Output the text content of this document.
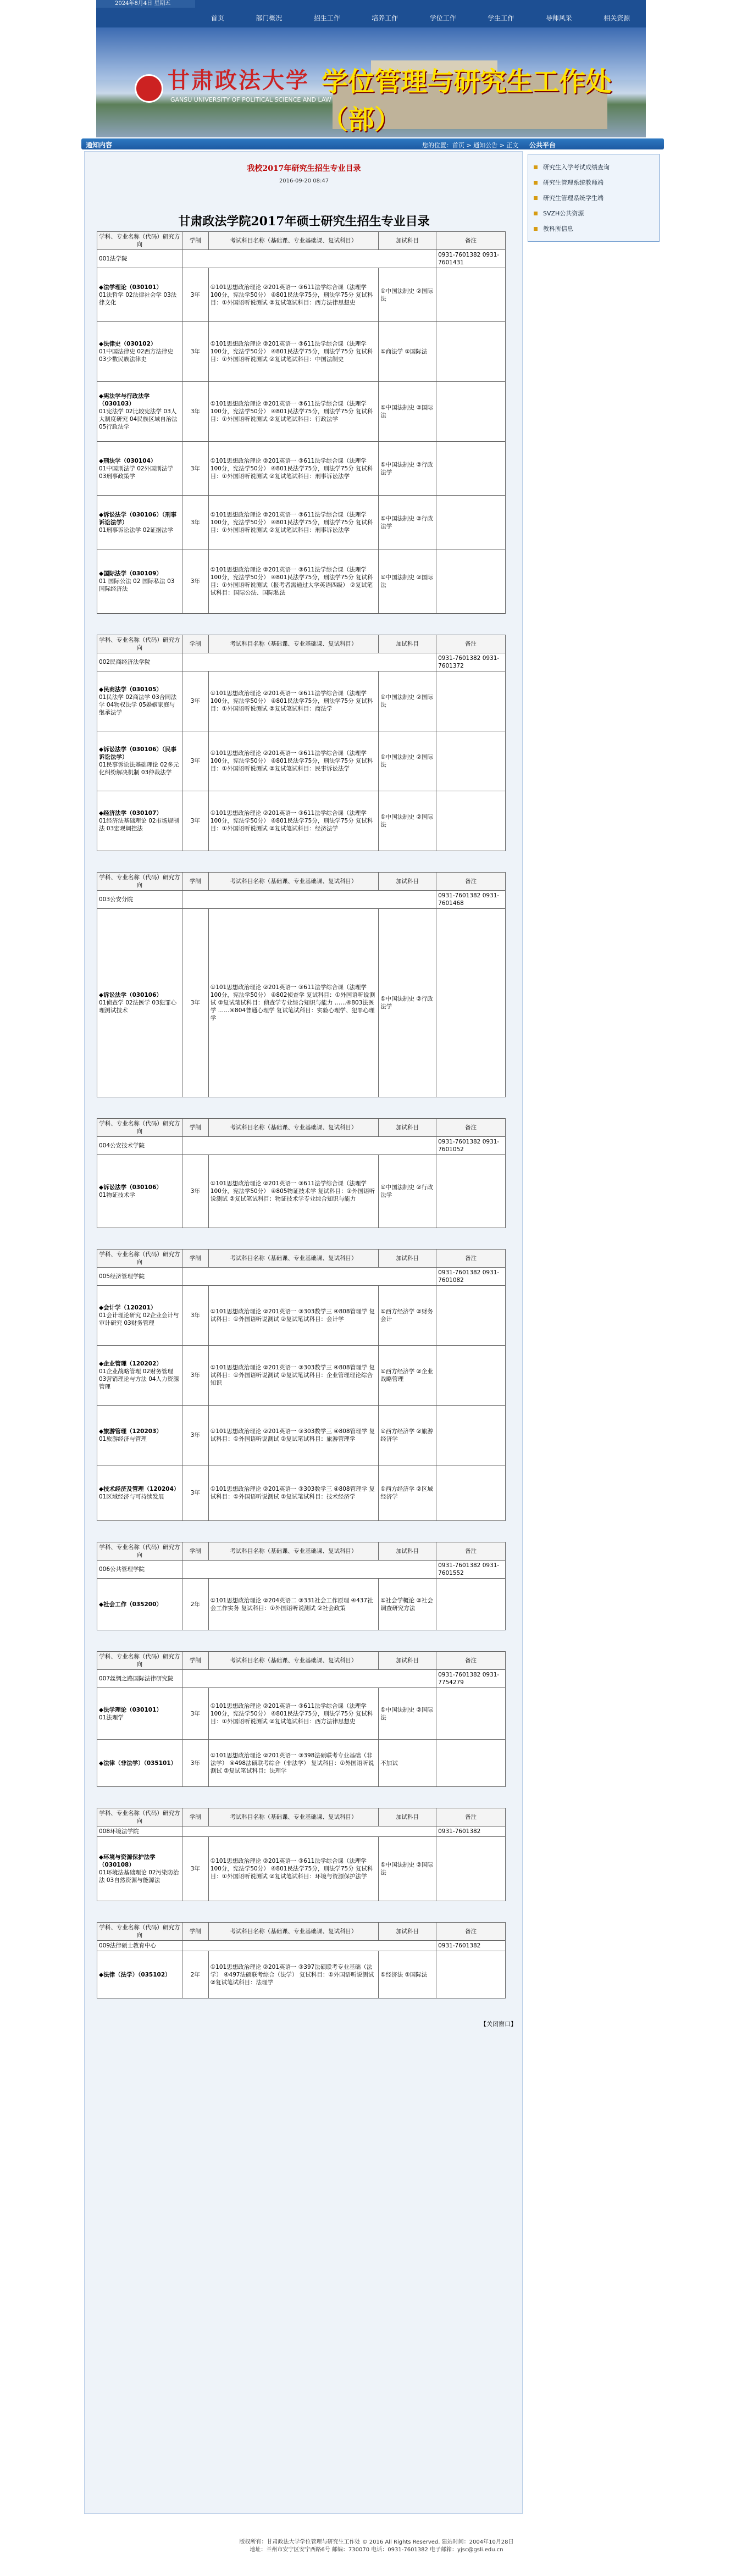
2024年8月4日 星期五
首页	部门概况	招生工作	培养工作	学位工作	学生工作	导师风采	相关资源
甘肃政法大学
GANSU UNIVERSITY OF POLITICAL SCIENCE AND LAW
学位管理与研究生工作处（部）
通知内容	您的位置：首页 > 通知公告 > 正文 公共平台
研究生入学考试成绩查询
研究生管理系统教师端
研究生管理系统学生端
SVZH公共资源
教科所信息
我校2017年研究生招生专业目录
2016-09-20 08:47
甘肃政法学院2017年硕士研究生招生专业目录
【关闭窗口】
学科、专业名称（代码）研究方向	学制	考试科目名称（基础课、专业基础课、复试科目）	加试科目	备注
001法学院				0931-7601382 0931-7601431
◆法学理论（030101）
01法哲学 02法律社会学 03法律文化	3年	①101思想政治理论 ②201英语一 ③611法学综合课（法理学100分，宪法学50分） ④801民法学75分，刑法学75分 复试科目：①外国语听说测试 ②复试笔试科目：西方法律思想史	①中国法制史 ②国际法	
◆法律史（030102）
01中国法律史 02西方法律史 03少数民族法律史	3年	①101思想政治理论 ②201英语一 ③611法学综合课（法理学100分，宪法学50分） ④801民法学75分，刑法学75分 复试科目：①外国语听说测试 ②复试笔试科目：中国法制史	①商法学 ②国际法	
◆宪法学与行政法学（030103）
01宪法学 02比较宪法学 03人大制度研究 04民族区域自治法 05行政法学	3年	①101思想政治理论 ②201英语一 ③611法学综合课（法理学100分，宪法学50分） ④801民法学75分，刑法学75分 复试科目：①外国语听说测试 ②复试笔试科目：行政法学	①中国法制史 ②国际法	
◆刑法学（030104）
01中国刑法学 02外国刑法学 03刑事政策学	3年	①101思想政治理论 ②201英语一 ③611法学综合课（法理学100分，宪法学50分） ④801民法学75分，刑法学75分 复试科目：①外国语听说测试 ②复试笔试科目：刑事诉讼法学	①中国法制史 ②行政法学	
◆诉讼法学（030106）（刑事诉讼法学）
01刑事诉讼法学 02证据法学	3年	①101思想政治理论 ②201英语一 ③611法学综合课（法理学100分，宪法学50分） ④801民法学75分，刑法学75分 复试科目：①外国语听说测试 ②复试笔试科目：刑事诉讼法学	①中国法制史 ②行政法学	
◆国际法学（030109）
01 国际公法 02 国际私法 03 国际经济法	3年	①101思想政治理论 ②201英语一 ③611法学综合课（法理学100分，宪法学50分） ④801民法学75分，刑法学75分 复试科目：①外国语听说测试（报考者需通过大学英语四级） ②复试笔试科目：国际公法、国际私法	①中国法制史 ②国际法	
学科、专业名称（代码）研究方向	学制	考试科目名称（基础课、专业基础课、复试科目）	加试科目	备注
002民商经济法学院				0931-7601382 0931-7601372
◆民商法学（030105）
01民法学 02商法学 03合同法学 04物权法学 05婚姻家庭与继承法学	3年	①101思想政治理论 ②201英语一 ③611法学综合课（法理学100分，宪法学50分） ④801民法学75分，刑法学75分 复试科目：①外国语听说测试 ②复试笔试科目：商法学	①中国法制史 ②国际法	
◆诉讼法学（030106）（民事诉讼法学）
01民事诉讼法基础理论 02多元化纠纷解决机制 03仲裁法学	3年	①101思想政治理论 ②201英语一 ③611法学综合课（法理学100分，宪法学50分） ④801民法学75分，刑法学75分 复试科目：①外国语听说测试 ②复试笔试科目：民事诉讼法学	①中国法制史 ②国际法	
◆经济法学（030107）
01经济法基础理论 02市场规制法 03宏观调控法	3年	①101思想政治理论 ②201英语一 ③611法学综合课（法理学100分，宪法学50分） ④801民法学75分，刑法学75分 复试科目：①外国语听说测试 ②复试笔试科目：经济法学	①中国法制史 ②国际法	
学科、专业名称（代码）研究方向	学制	考试科目名称（基础课、专业基础课、复试科目）	加试科目	备注
003公安分院				0931-7601382 0931-7601468
◆诉讼法学（030106）
01侦查学 02法医学 03犯罪心理测试技术	3年	①101思想政治理论 ②201英语一 ③611法学综合课（法理学100分，宪法学50分） ④802侦查学 复试科目：①外国语听说测试 ②复试笔试科目：侦查学专业综合知识与能力 ……④803法医学 ……④804普通心理学 复试笔试科目：实验心理学、犯罪心理学	①中国法制史 ②行政法学	
学科、专业名称（代码）研究方向	学制	考试科目名称（基础课、专业基础课、复试科目）	加试科目	备注
004公安技术学院				0931-7601382 0931-7601052
◆诉讼法学（030106）
01物证技术学	3年	①101思想政治理论 ②201英语一 ③611法学综合课（法理学100分，宪法学50分） ④805物证技术学 复试科目：①外国语听说测试 ②复试笔试科目：物证技术学专业综合知识与能力	①中国法制史 ②行政法学	
学科、专业名称（代码）研究方向	学制	考试科目名称（基础课、专业基础课、复试科目）	加试科目	备注
005经济管理学院				0931-7601382 0931-7601082
◆会计学（120201）
01会计理论研究 02企业会计与审计研究 03财务管理	3年	①101思想政治理论 ②201英语一 ③303数学三 ④808管理学 复试科目：①外国语听说测试 ②复试笔试科目：会计学	①西方经济学 ②财务会计	
◆企业管理（120202）
01企业战略管理 02财务管理 03营销理论与方法 04人力资源管理	3年	①101思想政治理论 ②201英语一 ③303数学三 ④808管理学 复试科目：①外国语听说测试 ②复试笔试科目：企业管理理论综合知识	①西方经济学 ②企业战略管理	
◆旅游管理（120203）
01旅游经济与管理	3年	①101思想政治理论 ②201英语一 ③303数学三 ④808管理学 复试科目：①外国语听说测试 ②复试笔试科目：旅游管理学	①西方经济学 ②旅游经济学	
◆技术经济及管理（120204）
01区域经济与可持续发展	3年	①101思想政治理论 ②201英语一 ③303数学三 ④808管理学 复试科目：①外国语听说测试 ②复试笔试科目：技术经济学	①西方经济学 ②区域经济学	
学科、专业名称（代码）研究方向	学制	考试科目名称（基础课、专业基础课、复试科目）	加试科目	备注
006公共管理学院				0931-7601382 0931-7601552
◆社会工作（035200）	2年	①101思想政治理论 ②204英语二 ③331社会工作原理 ④437社会工作实务 复试科目：①外国语听说测试 ②社会政策	①社会学概论 ②社会调查研究方法	
学科、专业名称（代码）研究方向	学制	考试科目名称（基础课、专业基础课、复试科目）	加试科目	备注
007丝绸之路国际法律研究院				0931-7601382 0931-7754279
◆法学理论（030101）
01法理学	3年	①101思想政治理论 ②201英语一 ③611法学综合课（法理学100分，宪法学50分） ④801民法学75分，刑法学75分 复试科目：①外国语听说测试 ②复试笔试科目：西方法律思想史	①中国法制史 ②国际法	
◆法律（非法学）（035101）	3年	①101思想政治理论 ②201英语一 ③398法硕联考专业基础（非法学） ④498法硕联考综合（非法学） 复试科目：①外国语听说测试 ②复试笔试科目：法理学	不加试	
学科、专业名称（代码）研究方向	学制	考试科目名称（基础课、专业基础课、复试科目）	加试科目	备注
008环境法学院				0931-7601382
◆环境与资源保护法学（030108）
01环境法基础理论 02污染防治法 03自然资源与能源法	3年	①101思想政治理论 ②201英语一 ③611法学综合课（法理学100分，宪法学50分） ④801民法学75分，刑法学75分 复试科目：①外国语听说测试 ②复试笔试科目：环境与资源保护法学	①中国法制史 ②国际法	
学科、专业名称（代码）研究方向	学制	考试科目名称（基础课、专业基础课、复试科目）	加试科目	备注
009法律硕士教育中心				0931-7601382
◆法律（法学）（035102）	2年	①101思想政治理论 ②201英语一 ③397法硕联考专业基础（法学） ④497法硕联考综合（法学） 复试科目：①外国语听说测试 ②复试笔试科目：法理学	①经济法 ②国际法	
版权所有：甘肃政法大学学位管理与研究生工作处 © 2016 All Rights Reserved. 建站时间：2004年10月28日
地址：兰州市安宁区安宁西路6号 邮编：730070 电话：0931-7601382 电子邮箱：yjsc@gsli.edu.cn
